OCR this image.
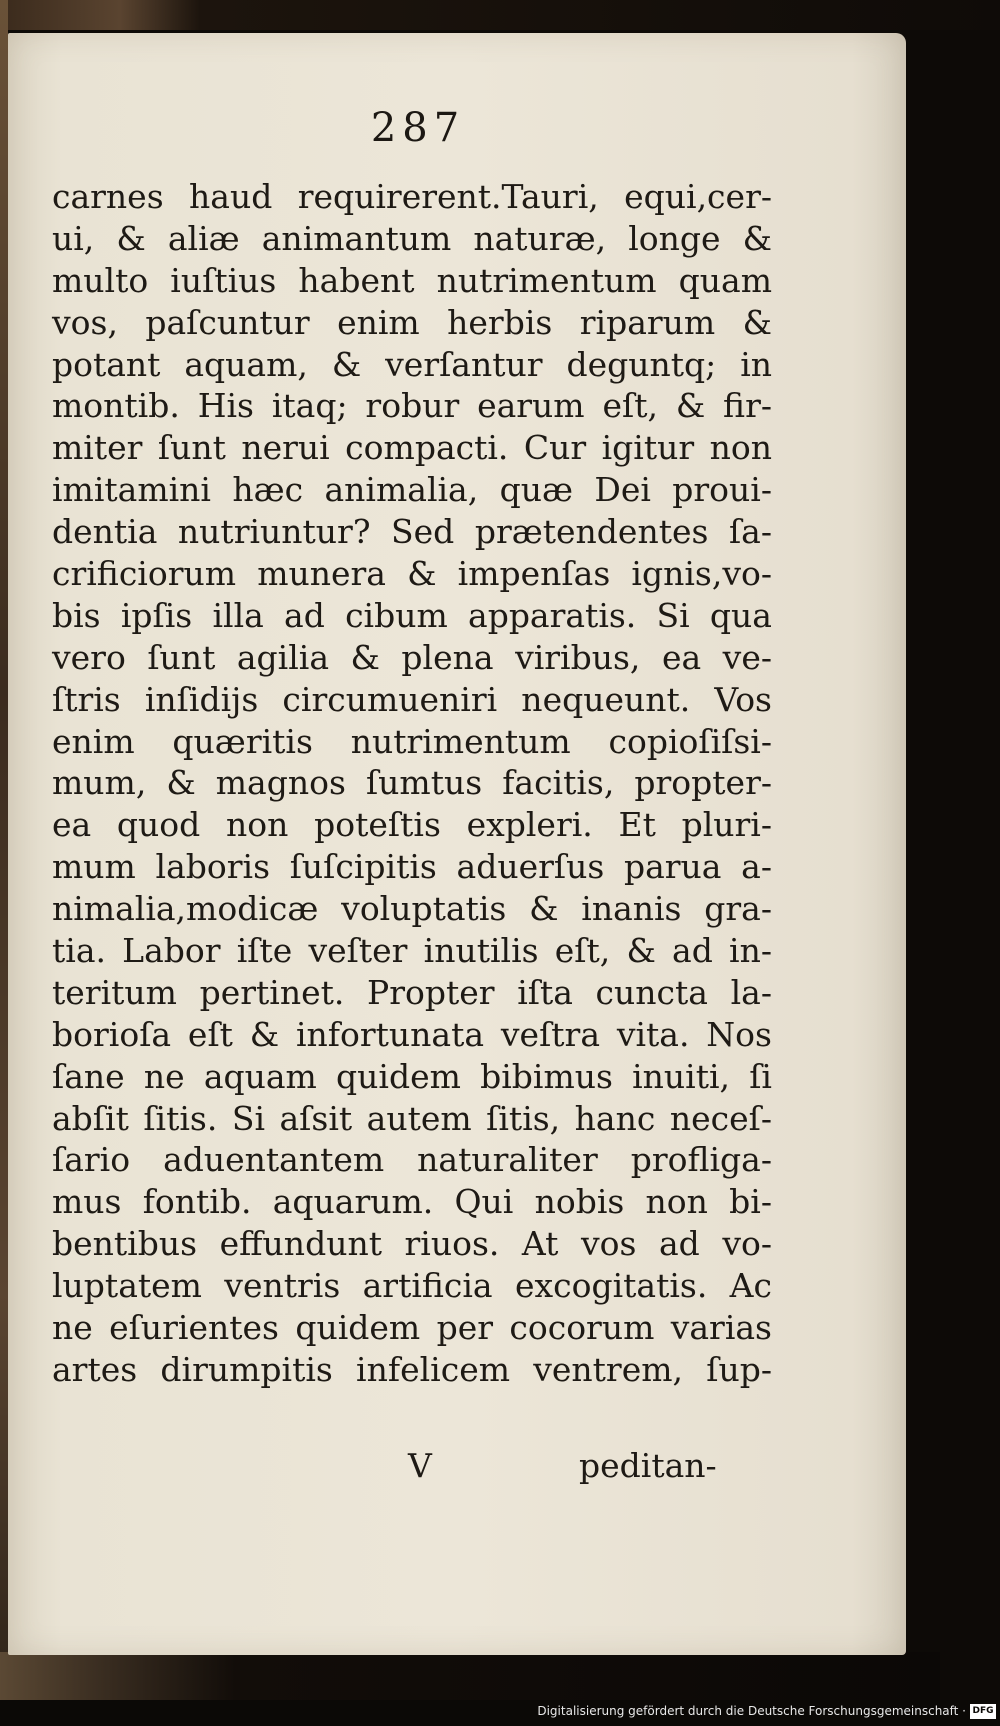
287
carnes haud requirerent.Tauri, equi,cer-
ui, & aliæ animantum naturæ, longe &
multo iuſtius habent nutrimentum quam
vos, paſcuntur enim herbis riparum &
potant aquam, & verſantur deguntq; in
montib. His itaq; robur earum eſt, & fir-
miter ſunt nerui compacti. Cur igitur non
imitamini hæc animalia, quæ Dei proui-
dentia nutriuntur? Sed prætendentes ſa-
crificiorum munera & impenſas ignis,vo-
bis ipſis illa ad cibum apparatis. Si qua
vero ſunt agilia & plena viribus, ea ve-
ſtris inſidijs circumueniri nequeunt. Vos
enim quæritis nutrimentum copioſiſsi-
mum, & magnos ſumtus facitis, propter-
ea quod non poteſtis expleri. Et pluri-
mum laboris ſuſcipitis aduerſus parua a-
nimalia,modicæ voluptatis & inanis gra-
tia. Labor iſte veſter inutilis eſt, & ad in-
teritum pertinet. Propter iſta cuncta la-
borioſa eſt & infortunata veſtra vita. Nos
ſane ne aquam quidem bibimus inuiti, ſi
abſit ſitis. Si aſsit autem ſitis, hanc neceſ-
ſario aduentantem naturaliter profliga-
mus fontib. aquarum. Qui nobis non bi-
bentibus effundunt riuos. At vos ad vo-
luptatem ventris artificia excogitatis. Ac
ne eſurientes quidem per cocorum varias
artes dirumpitis infelicem ventrem, ſup-
V	peditan-
Digitalisierung gefördert durch die Deutsche Forschungsgemeinschaft · DFG
